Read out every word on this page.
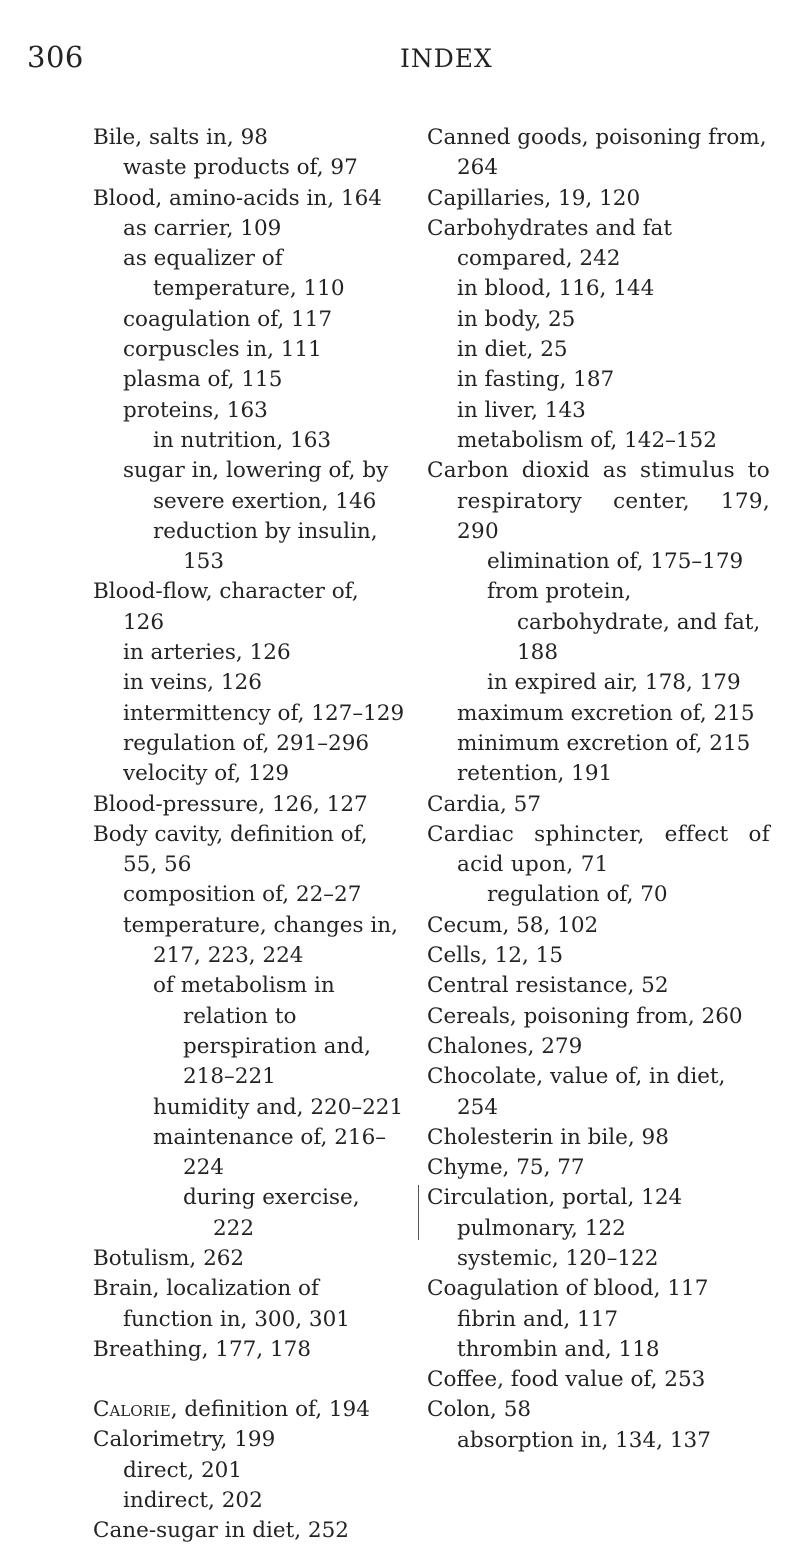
306	INDEX

Bile, salts in, 98

waste products of, 97

Blood, amino-acids in, 164

as carrier, 109

as equalizer of temperature, 110

coagulation of, 117

corpuscles in, 111

plasma of, 115

proteins, 163

in nutrition, 163

sugar in, lowering of, by severe exertion, 146

reduction by insulin, 153

Blood-flow, character of, 126

in arteries, 126

in veins, 126

intermittency of, 127–129

regulation of, 291–296

velocity of, 129

Blood-pressure, 126, 127

Body cavity, definition of, 55, 56

composition of, 22–27

temperature, changes in, 217, 223, 224

of metabolism in relation to perspiration and, 218–221

humidity and, 220–221

maintenance of, 216–224

during exercise, 222

Botulism, 262

Brain, localization of function in, 300, 301

Breathing, 177, 178

Calorie, definition of, 194

Calorimetry, 199

direct, 201

indirect, 202

Cane-sugar in diet, 252

Canned goods, poisoning from, 264

Capillaries, 19, 120

Carbohydrates and fat compared, 242

in blood, 116, 144

in body, 25

in diet, 25

in fasting, 187

in liver, 143

metabolism of, 142–152

Carbon dioxid as stimulus to respiratory center, 179, 290

elimination of, 175–179

from protein, carbohydrate, and fat, 188

in expired air, 178, 179

maximum excretion of, 215

minimum excretion of, 215

retention, 191

Cardia, 57

Cardiac sphincter, effect of acid upon, 71

regulation of, 70

Cecum, 58, 102

Cells, 12, 15

Central resistance, 52

Cereals, poisoning from, 260

Chalones, 279

Chocolate, value of, in diet, 254

Cholesterin in bile, 98

Chyme, 75, 77

Circulation, portal, 124

pulmonary, 122

systemic, 120–122

Coagulation of blood, 117

fibrin and, 117

thrombin and, 118

Coffee, food value of, 253

Colon, 58

absorption in, 134, 137
